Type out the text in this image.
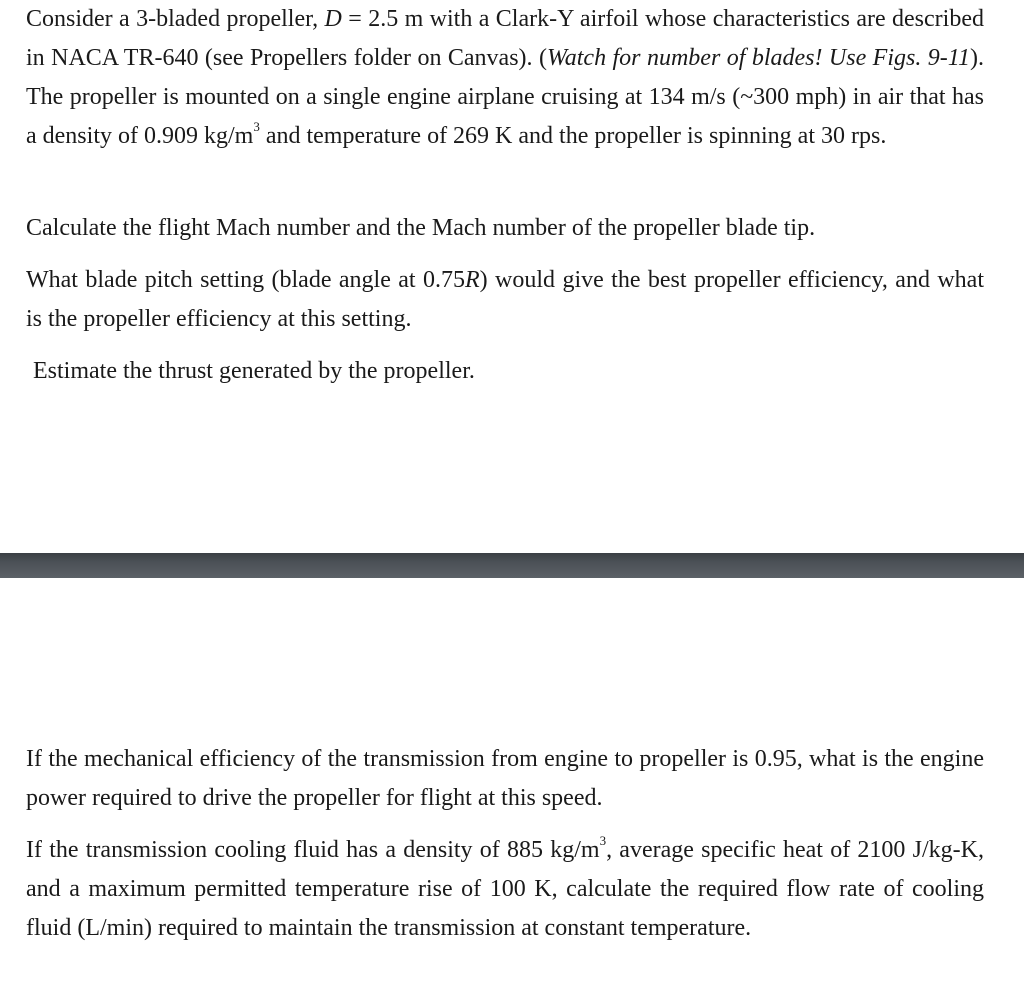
Consider a 3-bladed propeller, D = 2.5 m with a Clark-Y airfoil whose characteristics are described in NACA TR-640 (see Propellers folder on Canvas). (Watch for number of blades! Use Figs. 9-11). The propeller is mounted on a single engine airplane cruising at 134 m/s (~300 mph) in air that has a density of 0.909 $kg/m^3$ and temperature of 269 K and the propeller is spinning at 30 rps.

Calculate the flight Mach number and the Mach number of the propeller blade tip.

What blade pitch setting (blade angle at 0.75R) would give the best propeller efficiency, and what is the propeller efficiency at this setting.

Estimate the thrust generated by the propeller.

If the mechanical efficiency of the transmission from engine to propeller is 0.95, what is the engine power required to drive the propeller for flight at this speed.

If the transmission cooling fluid has a density of 885 $kg/m^3$, average specific heat of 2100 J/kg-K, and a maximum permitted temperature rise of 100 K, calculate the required flow rate of cooling fluid (L/min) required to maintain the transmission at constant temperature.
